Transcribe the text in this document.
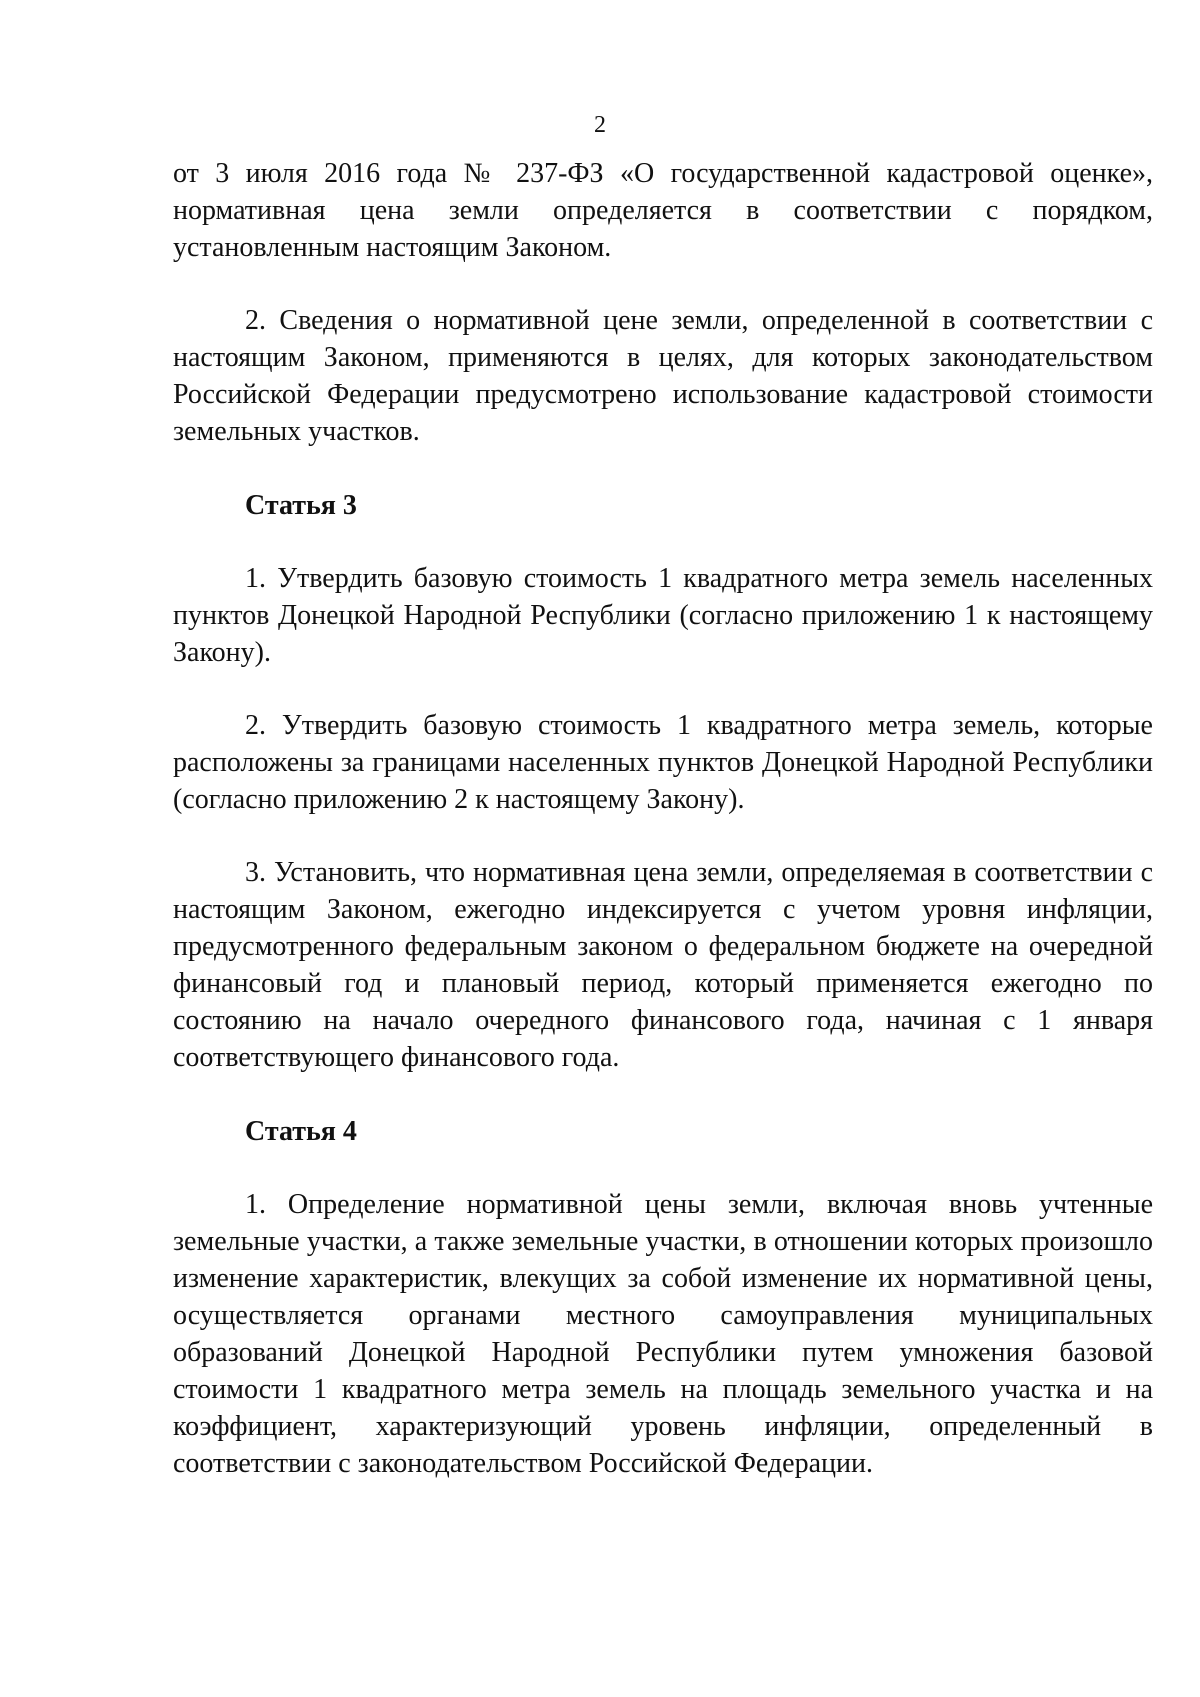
2

от 3 июля 2016 года № 237-ФЗ «О государственной кадастровой оценке», нормативная цена земли определяется в соответствии с порядком, установленным настоящим Законом.

2. Сведения о нормативной цене земли, определенной в соответствии с настоящим Законом, применяются в целях, для которых законодательством Российской Федерации предусмотрено использование кадастровой стоимости земельных участков.

Статья 3

1. Утвердить базовую стоимость 1 квадратного метра земель населенных пунктов Донецкой Народной Республики (согласно приложению 1 к настоящему Закону).

2. Утвердить базовую стоимость 1 квадратного метра земель, которые расположены за границами населенных пунктов Донецкой Народной Республики (согласно приложению 2 к настоящему Закону).

3. Установить, что нормативная цена земли, определяемая в соответствии с настоящим Законом, ежегодно индексируется с учетом уровня инфляции, предусмотренного федеральным законом о федеральном бюджете на очередной финансовый год и плановый период, который применяется ежегодно по состоянию на начало очередного финансового года, начиная с 1 января соответствующего финансового года.

Статья 4

1. Определение нормативной цены земли, включая вновь учтенные земельные участки, а также земельные участки, в отношении которых произошло изменение характеристик, влекущих за собой изменение их нормативной цены, осуществляется органами местного самоуправления муниципальных образований Донецкой Народной Республики путем умножения базовой стоимости 1 квадратного метра земель на площадь земельного участка и на коэффициент, характеризующий уровень инфляции, определенный в соответствии с законодательством Российской Федерации.
